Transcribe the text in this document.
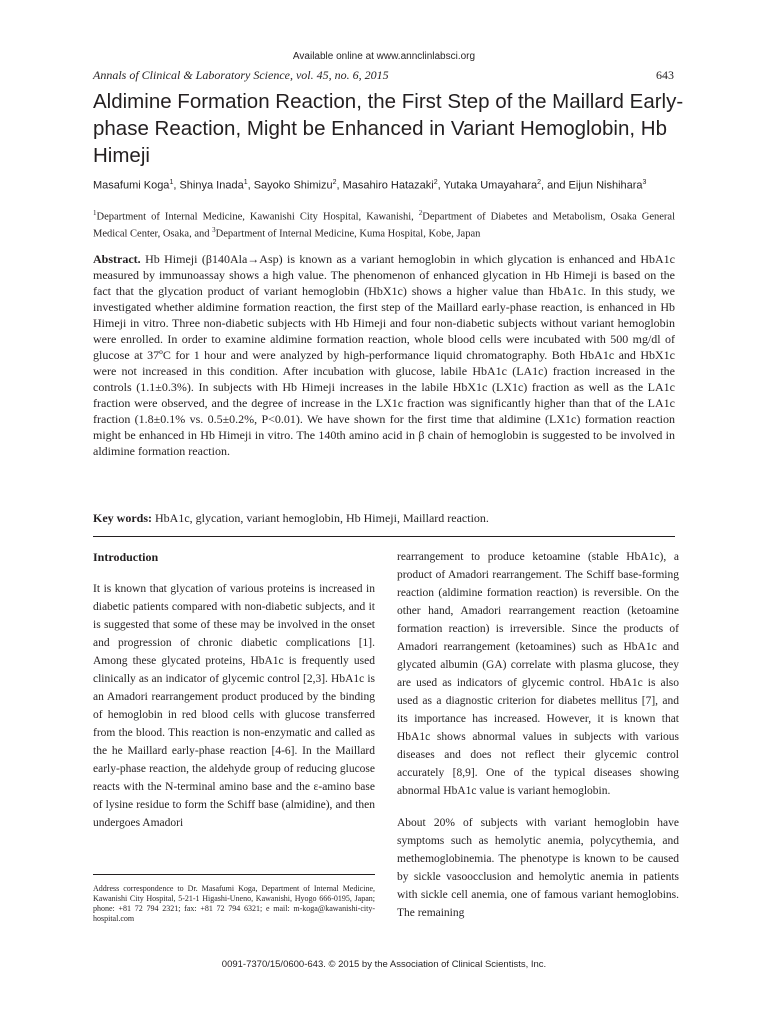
Available online at www.annclinlabsci.org
Annals of Clinical & Laboratory Science, vol. 45, no. 6, 2015	643
Aldimine Formation Reaction, the First Step of the Maillard Early-phase Reaction, Might be Enhanced in Variant Hemoglobin, Hb Himeji
Masafumi Koga$^1$, Shinya Inada$^1$, Sayoko Shimizu$^2$, Masahiro Hatazaki$^2$, Yutaka Umayahara$^2$, and Eijun Nishihara$^3$
$^1$Department of Internal Medicine, Kawanishi City Hospital, Kawanishi, $^2$Department of Diabetes and Metabolism, Osaka General Medical Center, Osaka, and $^3$Department of Internal Medicine, Kuma Hospital, Kobe, Japan

Abstract. Hb Himeji (β140Ala→Asp) is known as a variant hemoglobin in which glycation is enhanced and HbA1c measured by immunoassay shows a high value. The phenomenon of enhanced glycation in Hb Himeji is based on the fact that the glycation product of variant hemoglobin (HbX1c) shows a higher value than HbA1c. In this study, we investigated whether aldimine formation reaction, the first step of the Maillard early-phase reaction, is enhanced in Hb Himeji in vitro. Three non-diabetic subjects with Hb Himeji and four non-diabetic subjects without variant hemoglobin were enrolled. In order to examine aldimine formation reaction, whole blood cells were incubated with 500 mg/dl of glucose at 37ºC for 1 hour and were analyzed by high-performance liquid chromatography. Both HbA1c and HbX1c were not increased in this condition. After incubation with glucose, labile HbA1c (LA1c) fraction increased in the controls (1.1±0.3%). In subjects with Hb Himeji increases in the labile HbX1c (LX1c) fraction as well as the LA1c fraction were observed, and the degree of increase in the LX1c fraction was significantly higher than that of the LA1c fraction (1.8±0.1% vs. 0.5±0.2%, P<0.01). We have shown for the first time that aldimine (LX1c) formation reaction might be enhanced in Hb Himeji in vitro. The 140th amino acid in β chain of hemoglobin is suggested to be involved in aldimine formation reaction.

Key words: HbA1c, glycation, variant hemoglobin, Hb Himeji, Maillard reaction.

Introduction

It is known that glycation of various proteins is increased in diabetic patients compared with non-diabetic subjects, and it is suggested that some of these may be involved in the onset and progression of chronic diabetic complications [1]. Among these glycated proteins, HbA1c is frequently used clinically as an indicator of glycemic control [2,3]. HbA1c is an Amadori rearrangement product produced by the binding of hemoglobin in red blood cells with glucose transferred from the blood. This reaction is non-enzymatic and called as the he Maillard early-phase reaction [4-6]. In the Maillard early-phase reaction, the aldehyde group of reducing glucose reacts with the N-terminal amino base and the ε-amino base of lysine residue to form the Schiff base (almidine), and then undergoes Amadori

rearrangement to produce ketoamine (stable HbA1c), a product of Amadori rearrangement. The Schiff base-forming reaction (aldimine formation reaction) is reversible. On the other hand, Amadori rearrangement reaction (ketoamine formation reaction) is irreversible. Since the products of Amadori rearrangement (ketoamines) such as HbA1c and glycated albumin (GA) correlate with plasma glucose, they are used as indicators of glycemic control. HbA1c is also used as a diagnostic criterion for diabetes mellitus [7], and its importance has increased. However, it is known that HbA1c shows abnormal values in subjects with various diseases and does not reflect their glycemic control accurately [8,9]. One of the typical diseases showing abnormal HbA1c value is variant hemoglobin.

About 20% of subjects with variant hemoglobin have symptoms such as hemolytic anemia, polycythemia, and methemoglobinemia. The phenotype is known to be caused by sickle vasoocclusion and hemolytic anemia in patients with sickle cell anemia, one of famous variant hemoglobins. The remaining

Address correspondence to Dr. Masafumi Koga, Department of Internal Medicine, Kawanishi City Hospital, 5-21-1 Higashi-Uneno, Kawanishi, Hyogo 666-0195, Japan; phone: +81 72 794 2321; fax: +81 72 794 6321; e mail: m-koga@kawanishi-city-hospital.com

0091-7370/15/0600-643. © 2015 by the Association of Clinical Scientists, Inc.
